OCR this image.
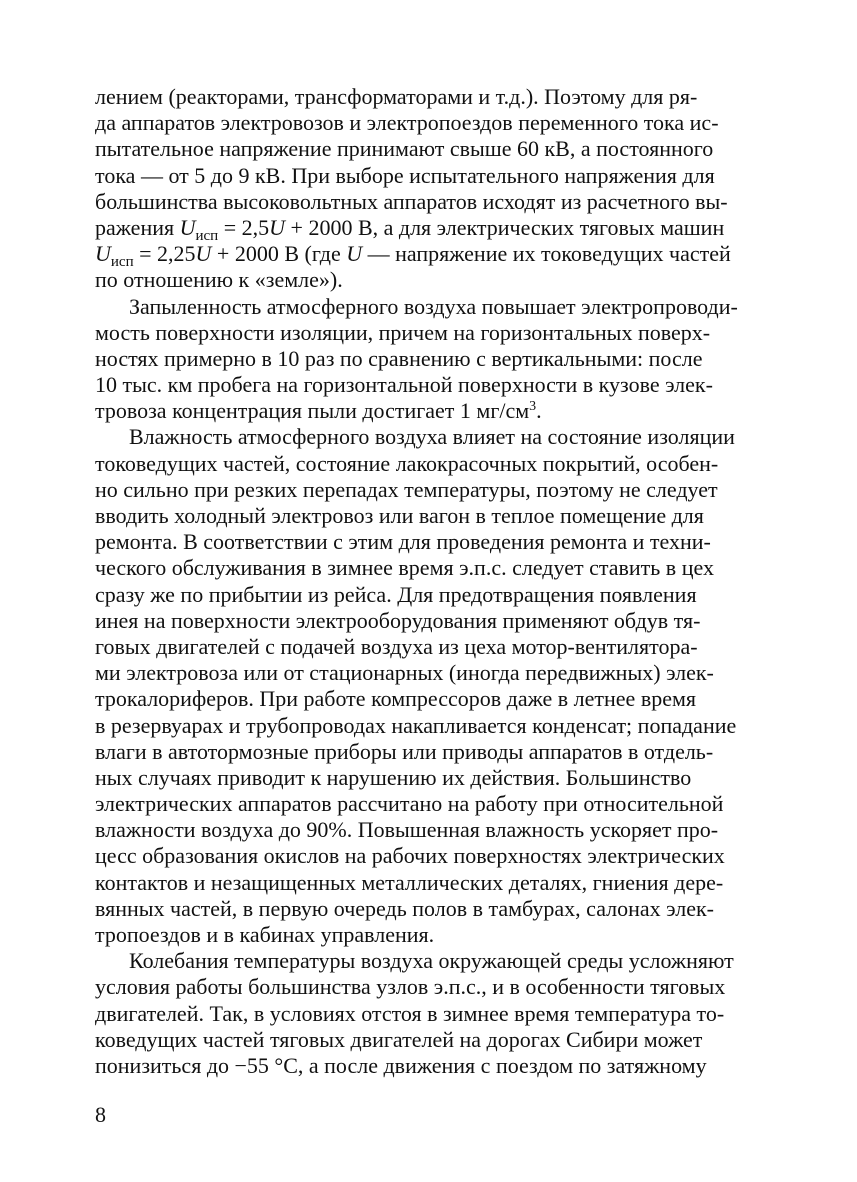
лением (реакторами, трансформаторами и т.д.). Поэтому для ря-
да аппаратов электровозов и электропоездов переменного тока ис-
пытательное напряжение принимают свыше 60 кВ, а постоянного
тока — от 5 до 9 кВ. При выборе испытательного напряжения для
большинства высоковольтных аппаратов исходят из расчетного вы-
ражения $U_{исп} = 2,5U + 2000$ В, а для электрических тяговых машин
$U_{исп} = 2,25U + 2000$ В (где U — напряжение их токоведущих частей
по отношению к «земле»).

Запыленность атмосферного воздуха повышает электропроводи-
мость поверхности изоляции, причем на горизонтальных поверх-
ностях примерно в 10 раз по сравнению с вертикальными: после
10 тыс. км пробега на горизонтальной поверхности в кузове элек-
тровоза концентрация пыли достигает 1 $мг/см^3$.

Влажность атмосферного воздуха влияет на состояние изоляции
токоведущих частей, состояние лакокрасочных покрытий, особен-
но сильно при резких перепадах температуры, поэтому не следует
вводить холодный электровоз или вагон в теплое помещение для
ремонта. В соответствии с этим для проведения ремонта и техни-
ческого обслуживания в зимнее время э.п.с. следует ставить в цех
сразу же по прибытии из рейса. Для предотвращения появления
инея на поверхности электрооборудования применяют обдув тя-
говых двигателей с подачей воздуха из цеха мотор-вентилятора-
ми электровоза или от стационарных (иногда передвижных) элек-
трокалориферов. При работе компрессоров даже в летнее время
в резервуарах и трубопроводах накапливается конденсат; попадание
влаги в автотормозные приборы или приводы аппаратов в отдель-
ных случаях приводит к нарушению их действия. Большинство
электрических аппаратов рассчитано на работу при относительной
влажности воздуха до 90%. Повышенная влажность ускоряет про-
цесс образования окислов на рабочих поверхностях электрических
контактов и незащищенных металлических деталях, гниения дере-
вянных частей, в первую очередь полов в тамбурах, салонах элек-
тропоездов и в кабинах управления.

Колебания температуры воздуха окружающей среды усложняют
условия работы большинства узлов э.п.с., и в особенности тяговых
двигателей. Так, в условиях отстоя в зимнее время температура то-
коведущих частей тяговых двигателей на дорогах Сибири может
понизиться до −55 °С, а после движения с поездом по затяжному

8
